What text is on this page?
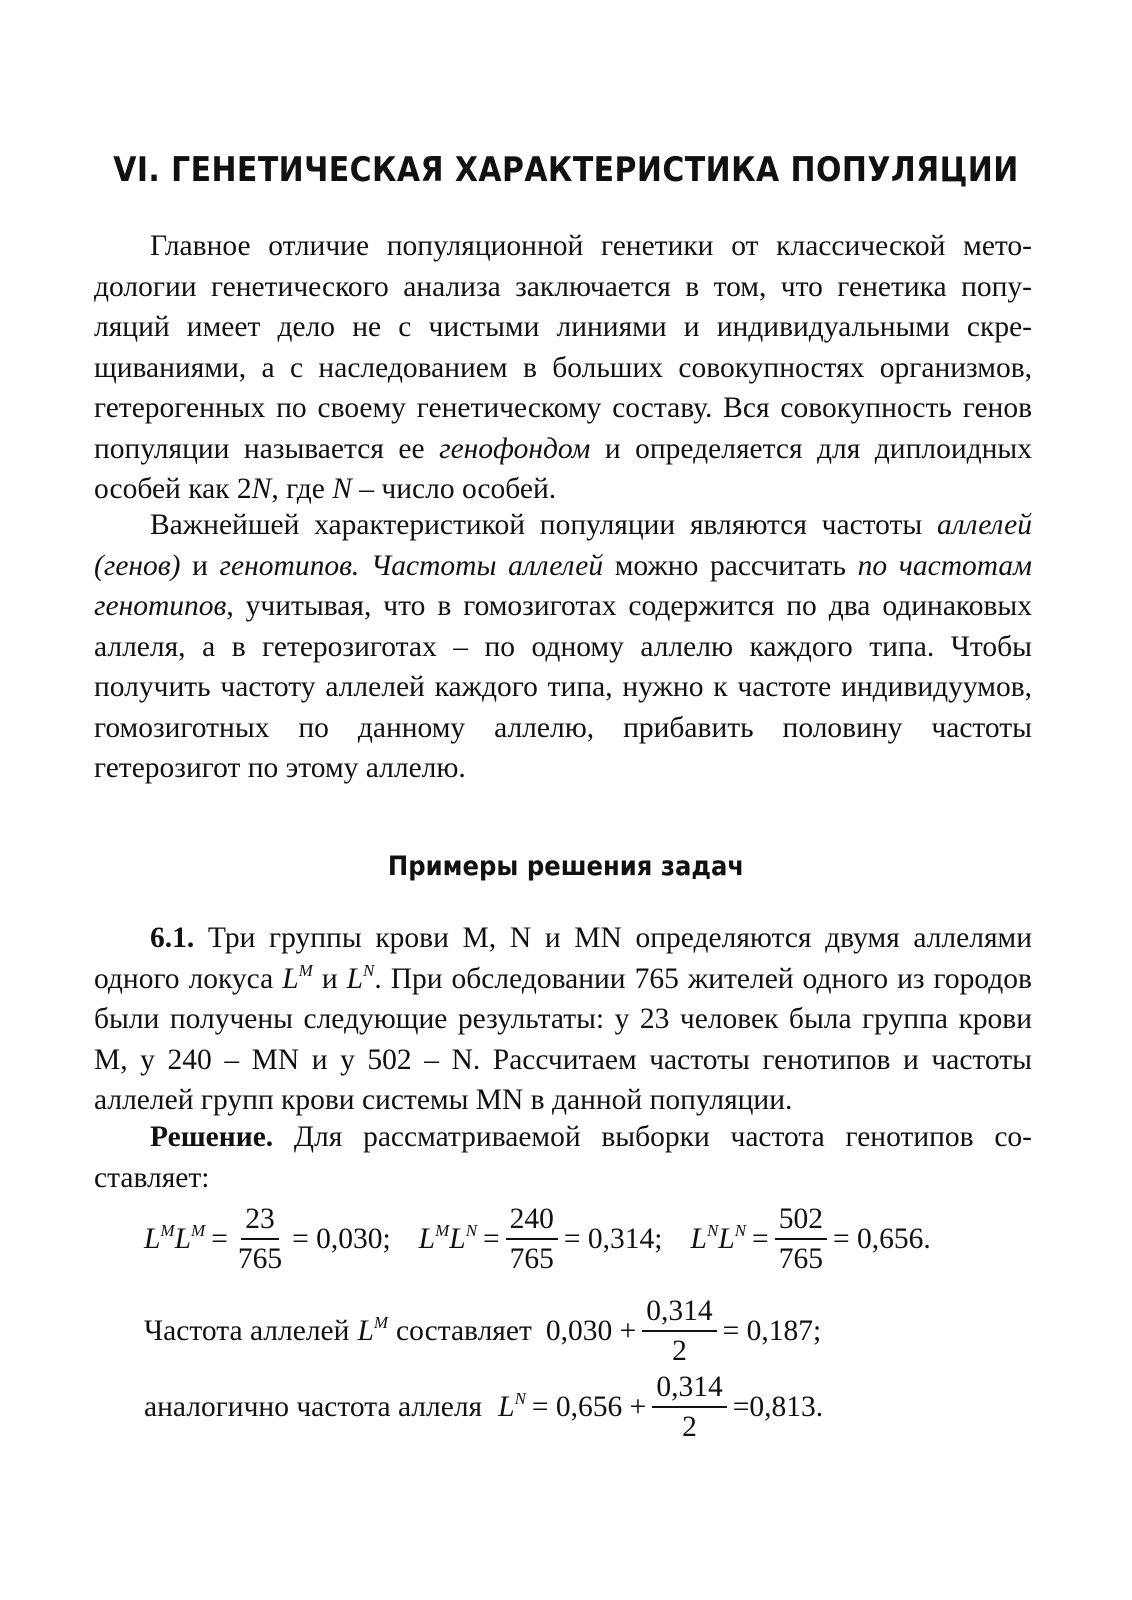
VI. ГЕНЕТИЧЕСКАЯ ХАРАКТЕРИСТИКА ПОПУЛЯЦИИ
Главное отличие популяционной генетики от классической методологии генетического анализа заключается в том, что генетика популяций имеет дело не с чистыми линиями и индивидуальными скрещиваниями, а с наследованием в больших совокупностях организмов, гетерогенных по своему генетическому составу. Вся совокупность генов популяции называется ее генофондом и определяется для диплоидных особей как 2N, где N – число особей.
Важнейшей характеристикой популяции являются частоты аллелей (генов) и генотипов. Частоты аллелей можно рассчитать по частотам генотипов, учитывая, что в гомозиготах содержится по два одинаковых аллеля, а в гетерозиготах – по одному аллелю каждого типа. Чтобы получить частоту аллелей каждого типа, нужно к частоте индивидуумов, гомозиготных по данному аллелю, прибавить половину частоты гетерозигот по этому аллелю.
Примеры решения задач
6.1. Три группы крови M, N и MN определяются двумя аллелями одного локуса $L^M$ и $L^N$. При обследовании 765 жителей одного из городов были получены следующие результаты: у 23 человек была группа крови M, у 240 – MN и у 502 – N. Рассчитаем частоты генотипов и частоты аллелей групп крови системы MN в данной популяции.
Решение. Для рассматриваемой выборки частота генотипов составляет:
$L^ML^M = \frac{23}{765} = 0,030$; $L^ML^N = \frac{240}{765} = 0,314$; $L^NL^N = \frac{502}{765} = 0,656$.
Частота аллелей $L^M$ составляет $0,030 + \frac{0,314}{2} = 0,187$;
аналогично частота аллеля $L^N = 0,656 + \frac{0,314}{2} =0,813$.
